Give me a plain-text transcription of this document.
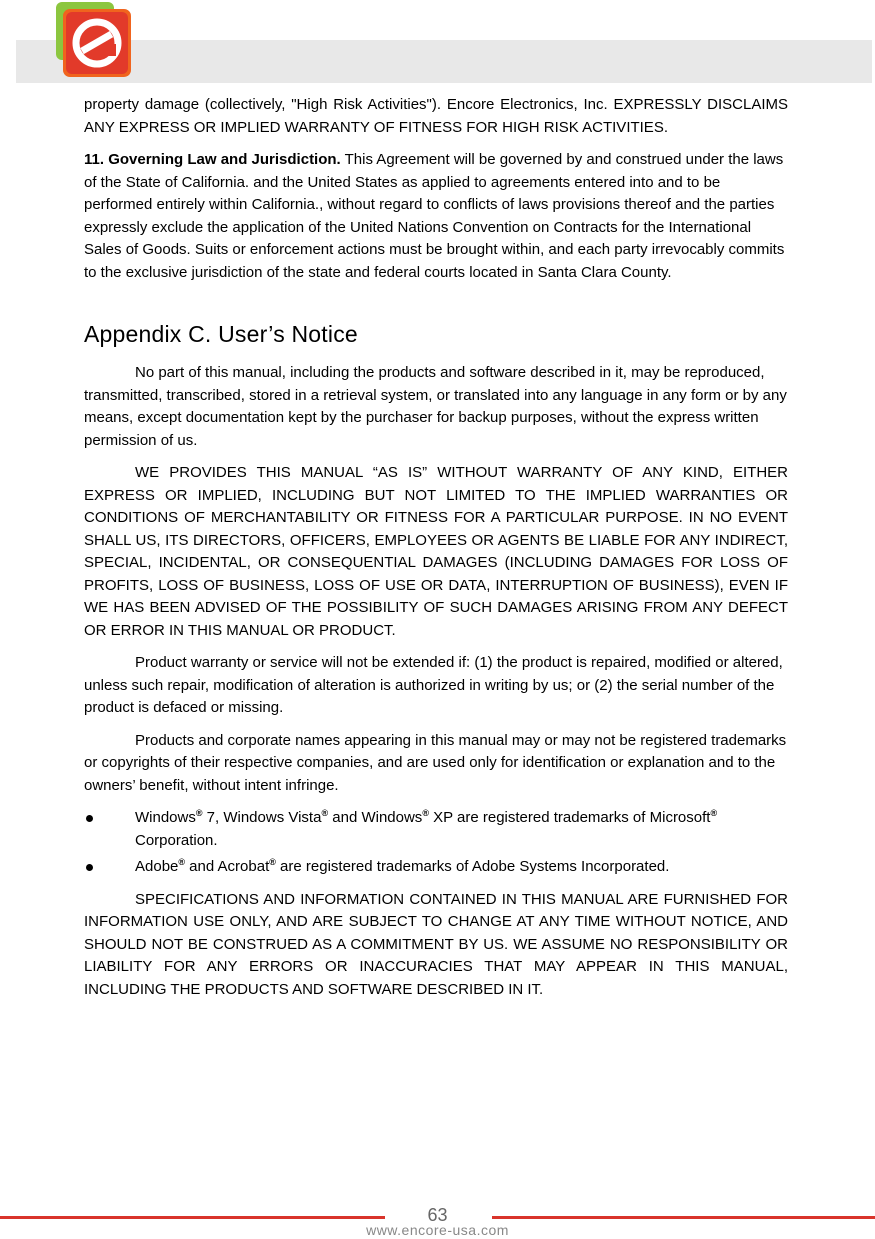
property damage (collectively, "High Risk Activities"). Encore Electronics, Inc. EXPRESSLY DISCLAIMS ANY EXPRESS OR IMPLIED WARRANTY OF FITNESS FOR HIGH RISK ACTIVITIES.

11. Governing Law and Jurisdiction. This Agreement will be governed by and construed under the laws of the State of California. and the United States as applied to agreements entered into and to be performed entirely within California., without regard to conflicts of laws provisions thereof and the parties expressly exclude the application of the United Nations Convention on Contracts for the International Sales of Goods. Suits or enforcement actions must be brought within, and each party irrevocably commits to the exclusive jurisdiction of the state and federal courts located in Santa Clara County.

Appendix C. User’s Notice

No part of this manual, including the products and software described in it, may be reproduced, transmitted, transcribed, stored in a retrieval system, or translated into any language in any form or by any means, except documentation kept by the purchaser for backup purposes, without the express written permission of us.

WE PROVIDES THIS MANUAL “AS IS” WITHOUT WARRANTY OF ANY KIND, EITHER EXPRESS OR IMPLIED, INCLUDING BUT NOT LIMITED TO THE IMPLIED WARRANTIES OR CONDITIONS OF MERCHANTABILITY OR FITNESS FOR A PARTICULAR PURPOSE. IN NO EVENT SHALL US, ITS DIRECTORS, OFFICERS, EMPLOYEES OR AGENTS BE LIABLE FOR ANY INDIRECT, SPECIAL, INCIDENTAL, OR CONSEQUENTIAL DAMAGES (INCLUDING DAMAGES FOR LOSS OF PROFITS, LOSS OF BUSINESS, LOSS OF USE OR DATA, INTERRUPTION OF BUSINESS), EVEN IF WE HAS BEEN ADVISED OF THE POSSIBILITY OF SUCH DAMAGES ARISING FROM ANY DEFECT OR ERROR IN THIS MANUAL OR PRODUCT.

Product warranty or service will not be extended if: (1) the product is repaired, modified or altered, unless such repair, modification of alteration is authorized in writing by us; or (2) the serial number of the product is defaced or missing.

Products and corporate names appearing in this manual may or may not be registered trademarks or copyrights of their respective companies, and are used only for identification or explanation and to the owners’ benefit, without intent infringe.

Windows® 7, Windows Vista® and Windows® XP are registered trademarks of Microsoft® Corporation.

Adobe® and Acrobat® are registered trademarks of Adobe Systems Incorporated.

SPECIFICATIONS AND INFORMATION CONTAINED IN THIS MANUAL ARE FURNISHED FOR INFORMATION USE ONLY, AND ARE SUBJECT TO CHANGE AT ANY TIME WITHOUT NOTICE, AND SHOULD NOT BE CONSTRUED AS A COMMITMENT BY US. WE ASSUME NO RESPONSIBILITY OR LIABILITY FOR ANY ERRORS OR INACCURACIES THAT MAY APPEAR IN THIS MANUAL, INCLUDING THE PRODUCTS AND SOFTWARE DESCRIBED IN IT.

63
www.encore-usa.com
